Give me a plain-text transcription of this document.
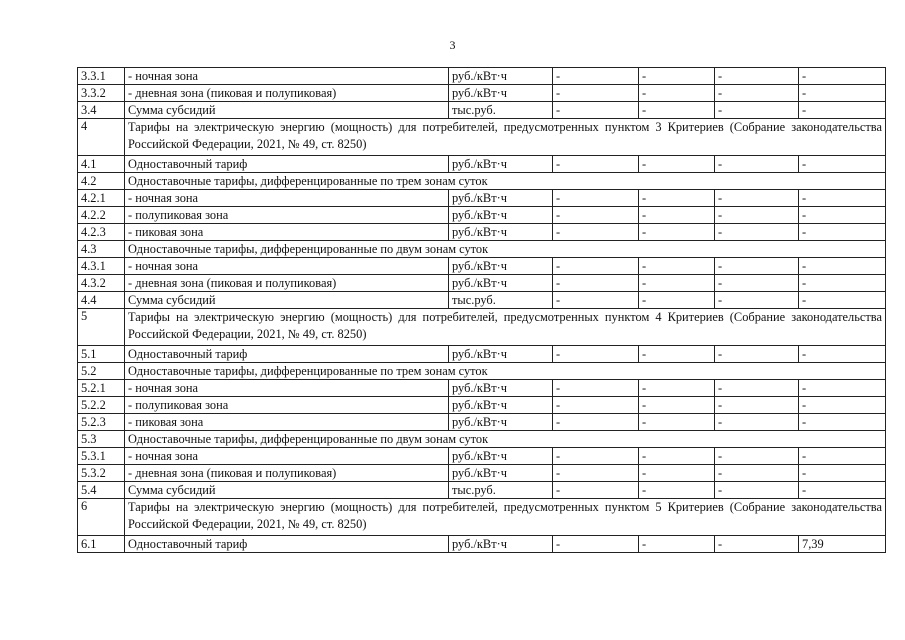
3
3.3.1	- ночная зона	руб./кВт·ч	-	-	-	-
3.3.2	- дневная зона (пиковая и полупиковая)	руб./кВт·ч	-	-	-	-
3.4	Сумма субсидий	тыс.руб.	-	-	-	-
4	Тарифы на электрическую энергию (мощность) для потребителей, предусмотренных пунктом 3 Критериев (Собрание законодательства Российской Федерации, 2021, № 49, ст. 8250)					
4.1	Одноставочный тариф	руб./кВт·ч	-	-	-	-
4.2	Одноставочные тарифы, дифференцированные по трем зонам суток					
4.2.1	- ночная зона	руб./кВт·ч	-	-	-	-
4.2.2	- полупиковая зона	руб./кВт·ч	-	-	-	-
4.2.3	- пиковая зона	руб./кВт·ч	-	-	-	-
4.3	Одноставочные тарифы, дифференцированные по двум зонам суток					
4.3.1	- ночная зона	руб./кВт·ч	-	-	-	-
4.3.2	- дневная зона (пиковая и полупиковая)	руб./кВт·ч	-	-	-	-
4.4	Сумма субсидий	тыс.руб.	-	-	-	-
5	Тарифы на электрическую энергию (мощность) для потребителей, предусмотренных пунктом 4 Критериев (Собрание законодательства Российской Федерации, 2021, № 49, ст. 8250)					
5.1	Одноставочный тариф	руб./кВт·ч	-	-	-	-
5.2	Одноставочные тарифы, дифференцированные по трем зонам суток					
5.2.1	- ночная зона	руб./кВт·ч	-	-	-	-
5.2.2	- полупиковая зона	руб./кВт·ч	-	-	-	-
5.2.3	- пиковая зона	руб./кВт·ч	-	-	-	-
5.3	Одноставочные тарифы, дифференцированные по двум зонам суток					
5.3.1	- ночная зона	руб./кВт·ч	-	-	-	-
5.3.2	- дневная зона (пиковая и полупиковая)	руб./кВт·ч	-	-	-	-
5.4	Сумма субсидий	тыс.руб.	-	-	-	-
6	Тарифы на электрическую энергию (мощность) для потребителей, предусмотренных пунктом 5 Критериев (Собрание законодательства Российской Федерации, 2021, № 49, ст. 8250)					
6.1	Одноставочный тариф	руб./кВт·ч	-	-	-	7,39
